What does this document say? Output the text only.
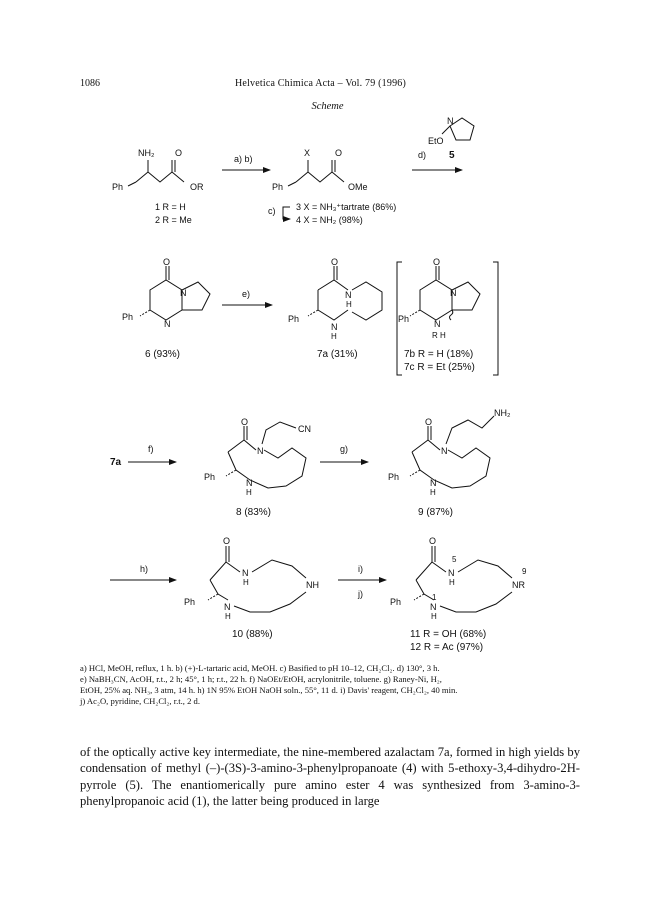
1086	Helvetica Chimica Acta – Vol. 79 (1996)
Scheme
NH₂ O
Ph	OR
1 R = H
2 R = Me
a) b)
X	O
Ph	OMe
c) 3 X = NH₃⁺tartrate (86%)
4 X = NH₂ (98%)
N
EtO
d) 5
O
N
N
Ph
6 (93%)
e)
O
N
H
N
H
Ph
7a (31%)
O
N
N
R H
Ph
7b R = H (18%)
7c R = Et (25%)
7a
f)
O
CN
N
N
H
Ph
8 (83%)
g)
O
NH₂
N
N
H
Ph
9 (87%)
h)
O
N
H	NH
N
H
Ph
10 (88%)
i)
j)
O
5
N
H
9
NR
1
N
H
Ph
11 R = OH (68%)
12 R = Ac (97%)
a) HCl, MeOH, reflux, 1 h. b) (+)-L-tartaric acid, MeOH. c) Basified to pH 10–12, CH₂Cl₂. d) 130°, 3 h.
e) NaBH₃CN, AcOH, r.t., 2 h; 45°, 1 h; r.t., 22 h. f) NaOEt/EtOH, acrylonitrile, toluene. g) Raney-Ni, H₂,
EtOH, 25% aq. NH₃, 3 atm, 14 h. h) 1N 95% EtOH NaOH soln., 55°, 11 d. i) Davis' reagent, CH₂Cl₂, 40 min.
j) Ac₂O, pyridine, CH₂Cl₂, r.t., 2 d.
of the optically active key intermediate, the nine-membered azalactam 7a, formed in high yields by condensation of methyl (–)-(3S)-3-amino-3-phenylpropanoate (4) with 5-ethoxy-3,4-dihydro-2H-pyrrole (5). The enantiomerically pure amino ester 4 was synthesized from 3-amino-3-phenylpropanoic acid (1), the latter being produced in large
